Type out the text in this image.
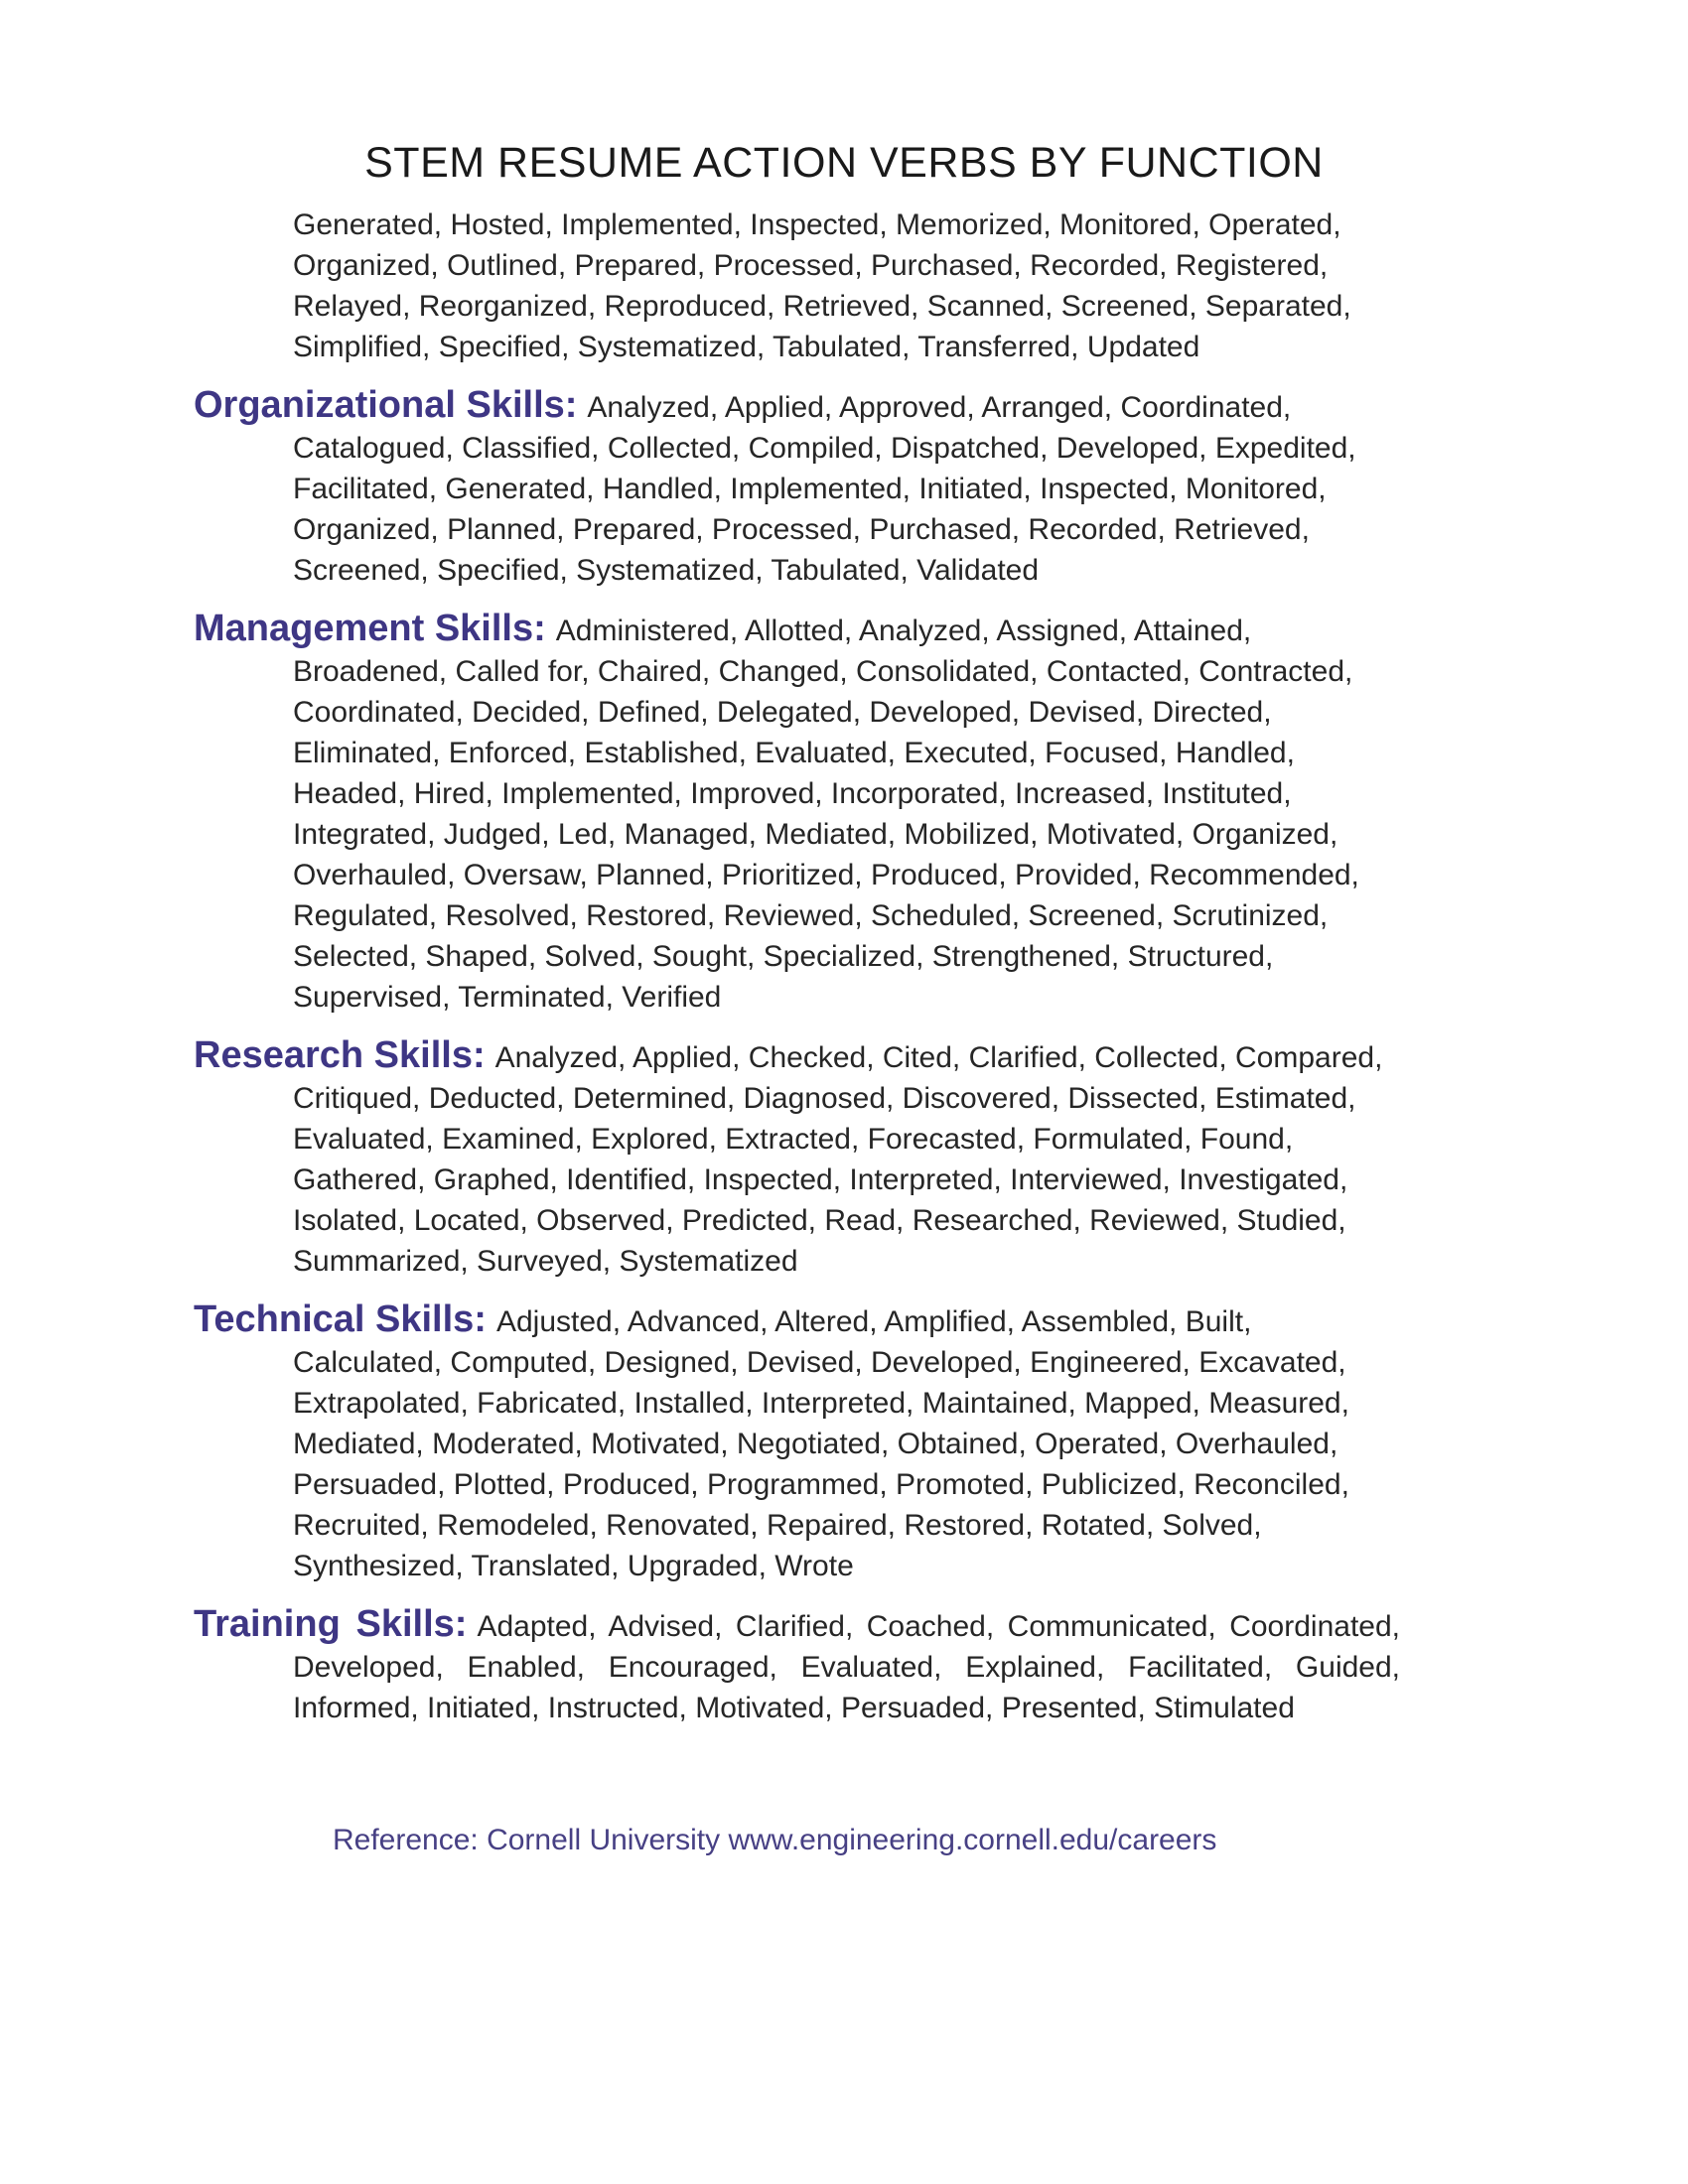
STEM RESUME ACTION VERBS BY FUNCTION

Generated, Hosted, Implemented, Inspected, Memorized, Monitored, Operated, Organized, Outlined, Prepared, Processed, Purchased, Recorded, Registered, Relayed, Reorganized, Reproduced, Retrieved, Scanned, Screened, Separated, Simplified, Specified, Systematized, Tabulated, Transferred, Updated

Organizational Skills: Analyzed, Applied, Approved, Arranged, Coordinated, Catalogued, Classified, Collected, Compiled, Dispatched, Developed, Expedited, Facilitated, Generated, Handled, Implemented, Initiated, Inspected, Monitored, Organized, Planned, Prepared, Processed, Purchased, Recorded, Retrieved, Screened, Specified, Systematized, Tabulated, Validated

Management Skills: Administered, Allotted, Analyzed, Assigned, Attained, Broadened, Called for, Chaired, Changed, Consolidated, Contacted, Contracted, Coordinated, Decided, Defined, Delegated, Developed, Devised, Directed, Eliminated, Enforced, Established, Evaluated, Executed, Focused, Handled, Headed, Hired, Implemented, Improved, Incorporated, Increased, Instituted, Integrated, Judged, Led, Managed, Mediated, Mobilized, Motivated, Organized, Overhauled, Oversaw, Planned, Prioritized, Produced, Provided, Recommended, Regulated, Resolved, Restored, Reviewed, Scheduled, Screened, Scrutinized, Selected, Shaped, Solved, Sought, Specialized, Strengthened, Structured, Supervised, Terminated, Verified

Research Skills: Analyzed, Applied, Checked, Cited, Clarified, Collected, Compared, Critiqued, Deducted, Determined, Diagnosed, Discovered, Dissected, Estimated, Evaluated, Examined, Explored, Extracted, Forecasted, Formulated, Found, Gathered, Graphed, Identified, Inspected, Interpreted, Interviewed, Investigated, Isolated, Located, Observed, Predicted, Read, Researched, Reviewed, Studied, Summarized, Surveyed, Systematized

Technical Skills: Adjusted, Advanced, Altered, Amplified, Assembled, Built, Calculated, Computed, Designed, Devised, Developed, Engineered, Excavated, Extrapolated, Fabricated, Installed, Interpreted, Maintained, Mapped, Measured, Mediated, Moderated, Motivated, Negotiated, Obtained, Operated, Overhauled, Persuaded, Plotted, Produced, Programmed, Promoted, Publicized, Reconciled, Recruited, Remodeled, Renovated, Repaired, Restored, Rotated, Solved, Synthesized, Translated, Upgraded, Wrote

Training Skills: Adapted, Advised, Clarified, Coached, Communicated, Coordinated, Developed, Enabled, Encouraged, Evaluated, Explained, Facilitated, Guided, Informed, Initiated, Instructed, Motivated, Persuaded, Presented, Stimulated

Reference: Cornell University www.engineering.cornell.edu/careers
